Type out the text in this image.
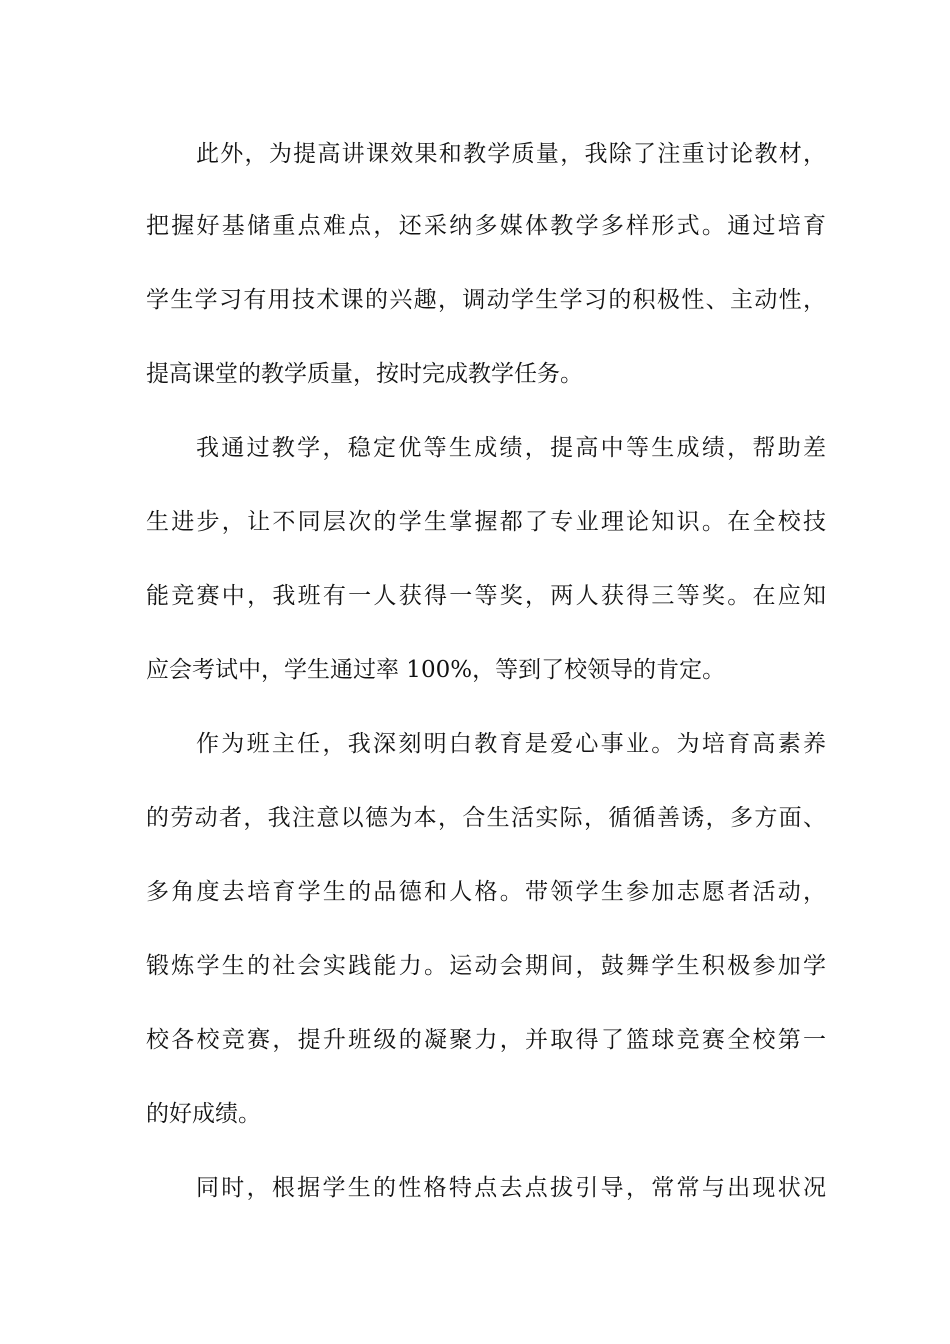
此外，为提高讲课效果和教学质量，我除了注重讨论教材，
把握好基储重点难点，还采纳多媒体教学多样形式。通过培育
学生学习有用技术课的兴趣，调动学生学习的积极性、主动性，
提高课堂的教学质量，按时完成教学任务。
我通过教学，稳定优等生成绩，提高中等生成绩，帮助差
生进步，让不同层次的学生掌握都了专业理论知识。在全校技
能竞赛中，我班有一人获得一等奖，两人获得三等奖。在应知
应会考试中，学生通过率 100%，等到了校领导的肯定。
作为班主任，我深刻明白教育是爱心事业。为培育高素养
的劳动者，我注意以德为本，合生活实际，循循善诱，多方面、
多角度去培育学生的品德和人格。带领学生参加志愿者活动，
锻炼学生的社会实践能力。运动会期间，鼓舞学生积极参加学
校各校竞赛，提升班级的凝聚力，并取得了篮球竞赛全校第一
的好成绩。
同时，根据学生的性格特点去点拔引导，常常与出现状况
